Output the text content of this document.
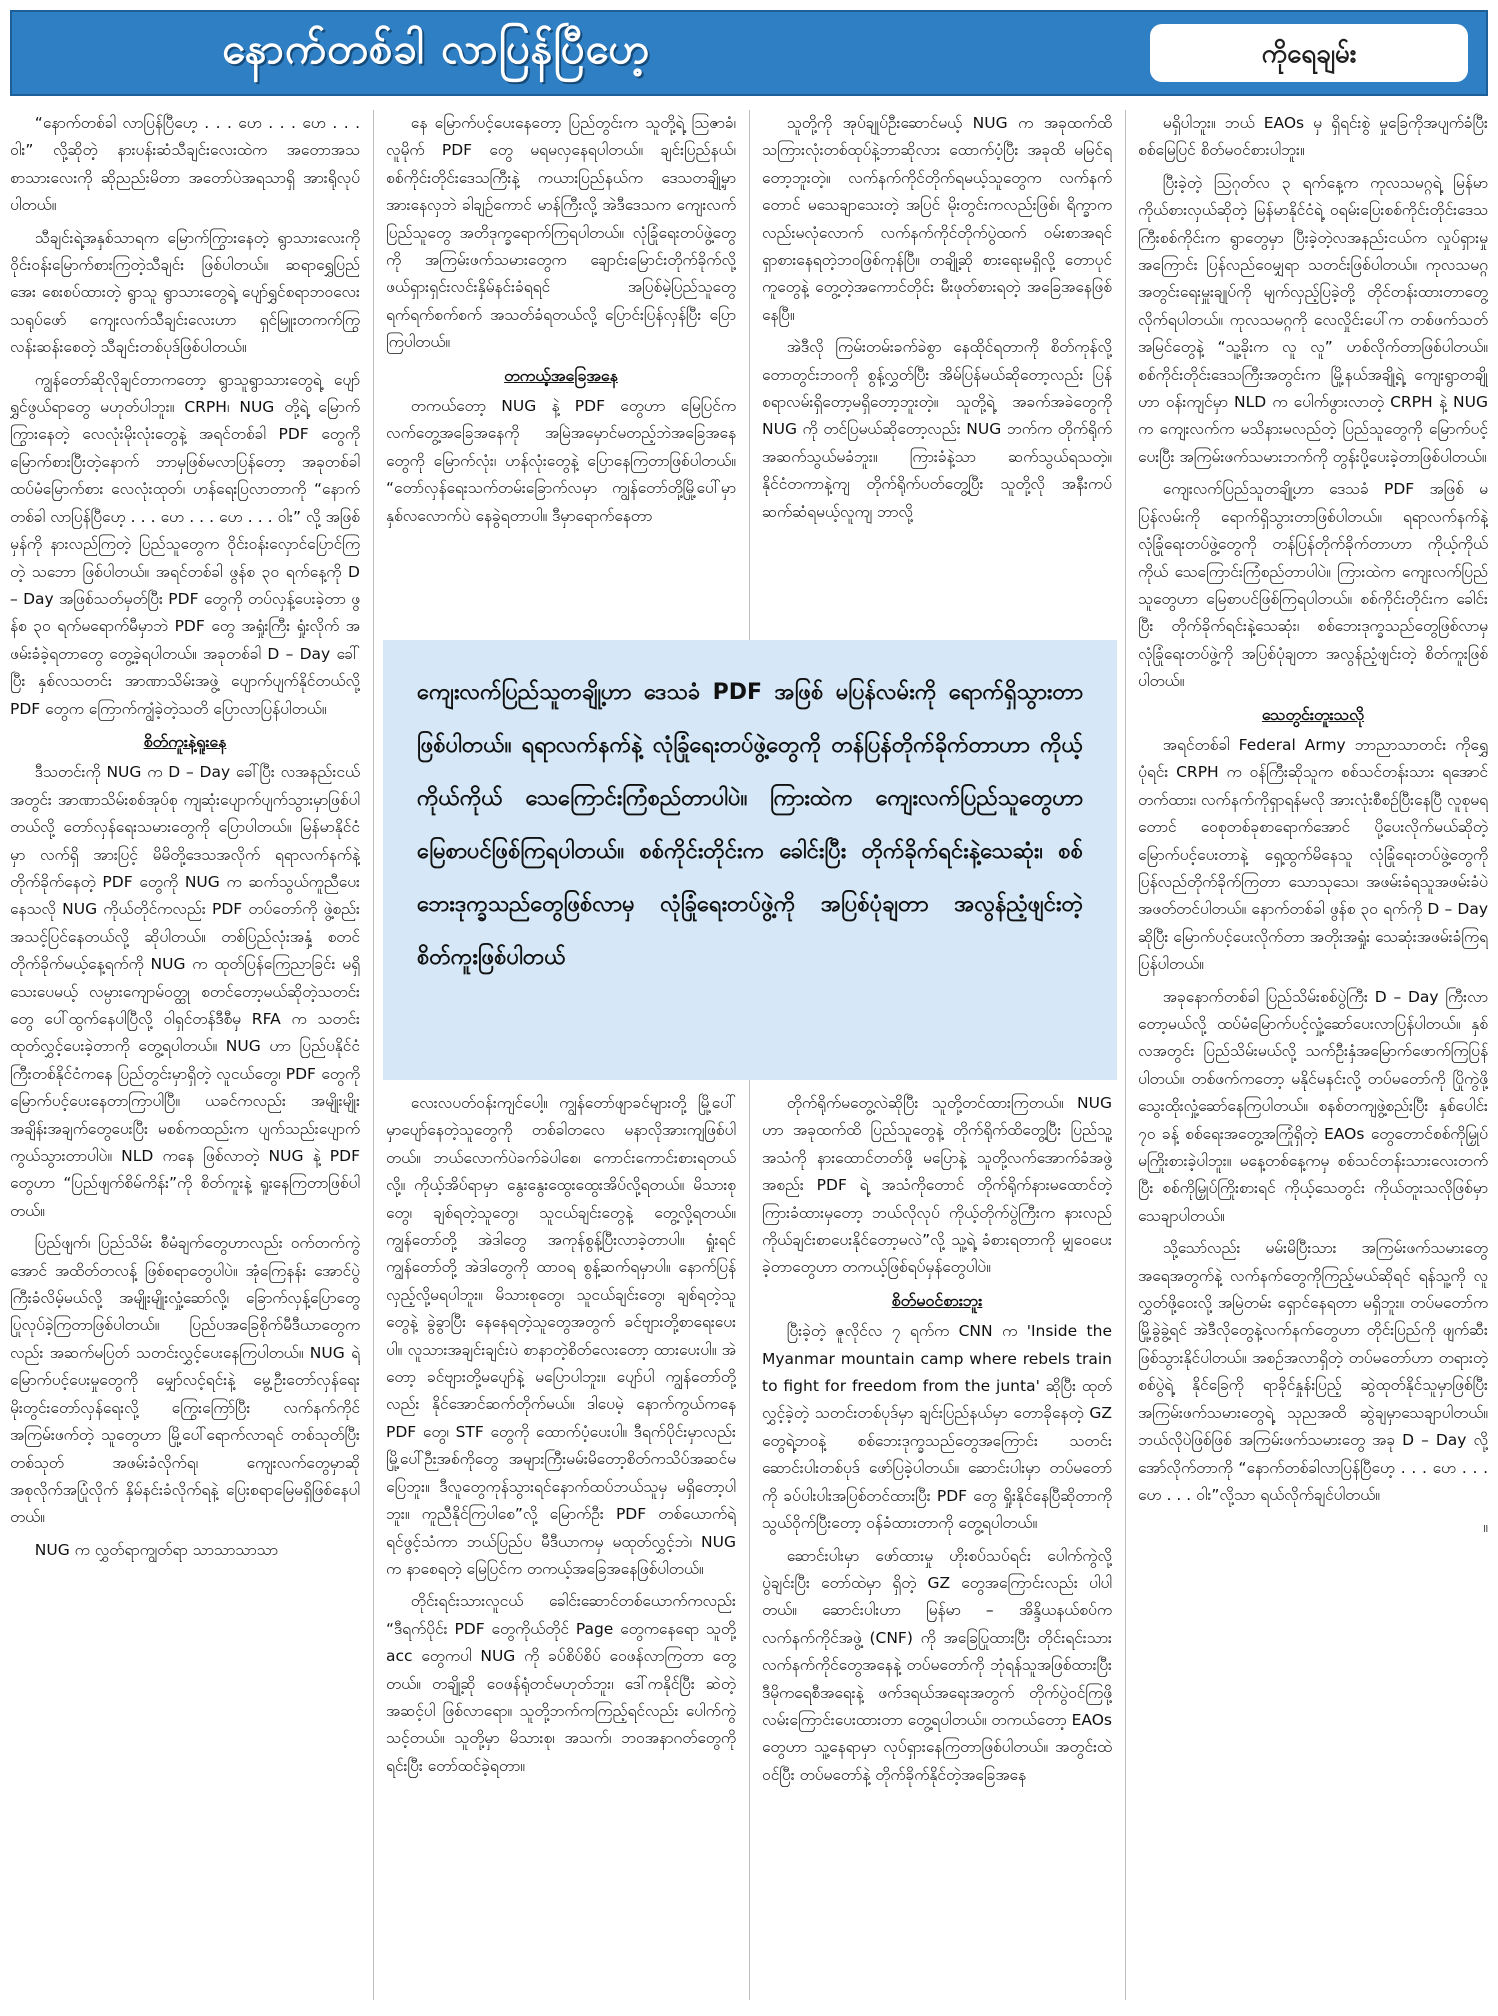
နောက်တစ်ခါ လာပြန်ပြီဟေ့	ကိုရေချမ်း

“နောက်တစ်ခါ လာပြန်ပြီဟေ့ . . . ဟေ . . . ဟေ . . . ဝါး” လို့ဆိုတဲ့ နားပန်းဆံသီချင်းလေးထဲက အတောအသ စာသားလေးကို ဆိုညည်းမိတာ အတော်ပဲအရသာရှိ အားရိုလုပ်ပါတယ်။

သီချင်းရဲ့အနှစ်သာရက မြောက်ကြွားနေတဲ့ ရွာသားလေးကို ဝိုင်းဝန်းမြောက်စားကြတဲ့သီချင်း ဖြစ်ပါတယ်။ ဆရာရွှေပြည်အေး စေးစပ်ထားတဲ့ ရွာသူ ရွာသားတွေရဲ့ ပျော်ရွှင်စရာဘဝလေး သရုပ်ဖော် ကျေးလက်သီချင်းလေးဟာ ရှင်မြူးတကက်ကြွလန်းဆန်းစေတဲ့ သီချင်းတစ်ပုဒ်ဖြစ်ပါတယ်။

ကျွန်တော်ဆိုလိုချင်တာကတော့ ရွာသူရွာသားတွေရဲ့ ပျော်ရွှင်ဖွယ်ရာတွေ မဟုတ်ပါဘူး။ CRPH၊ NUG တို့ရဲ့ မြောက်ကြွားနေတဲ့ လေလုံးမိုးလုံးတွေနဲ့ အရင်တစ်ခါ PDF တွေကို မြောက်စားပြီးတဲ့နောက် ဘာမှဖြစ်မလာပြန်တော့ အခုတစ်ခါ ထပ်မံမြောက်စား လေလုံးထုတ်၊ ဟန်ရေးပြလာတာကို “နောက်တစ်ခါ လာပြန်ပြီဟေ့ . . . ဟေ . . . ဟေ . . . ဝါး” လို့ အဖြစ်မှန်ကို နားလည်ကြတဲ့ ပြည်သူတွေက ဝိုင်းဝန်းလှောင်ပြောင်ကြတဲ့ သဘော ဖြစ်ပါတယ်။ အရင်တစ်ခါ ဖွန်စ ၃၀ ရက်နေ့ကို D – Day အဖြစ်သတ်မှတ်ပြီး PDF တွေကို တပ်လှန့်ပေးခဲ့တာ ဖွန်စ ၃၀ ရက်မရောက်မီမှာဘဲ PDF တွေ အရှုံးကြီး ရှုံးလိုက် အဖမ်းခံခဲ့ရတာတွေ တွေ့ခဲ့ရပါတယ်။ အခုတစ်ခါ D – Day ခေါ်ပြီး နှစ်လသတင်း အာဏာသိမ်းအဖွဲ့ ပျောက်ပျက်နိုင်တယ်လို့ PDF တွေက ကြောက်ကျွံခဲ့တဲ့သတိ ပြောလာပြန်ပါတယ်။

စိတ်ကူးနဲ့ရူးနေ

ဒီသတင်းကို NUG က D – Day ခေါ်ပြီး လအနည်းငယ်အတွင်း အာဏာသိမ်းစစ်အုပ်စု ကျဆုံးပျောက်ပျက်သွားမှာဖြစ်ပါတယ်လို့ တော်လှန်ရေးသမားတွေကို ပြောပါတယ်။ မြန်မာနိုင်ငံမှာ လက်ရှိ အားပြင့် မိမိတို့ဒေသအလိုက် ရရာလက်နက်နဲ့ တိုက်ခိုက်နေတဲ့ PDF တွေကို NUG က ဆက်သွယ်ကူညီပေးနေသလို NUG ကိုယ်တိုင်ကလည်း PDF တပ်တော်ကို ဖွဲ့စည်းအသင့်ပြင်နေတယ်လို့ ဆိုပါတယ်။ တစ်ပြည်လုံးအနှံ့ စတင်တိုက်ခိုက်မယ့်နေ့ရက်ကို NUG က ထုတ်ပြန်ကြေညာခြင်း မရှိသေးပေမယ့် လမ္ပားကျောမ်ဝတ္ထု စတင်တော့မယ်ဆိုတဲ့သတင်းတွေ ပေါ်ထွက်နေပါပြီလို့ ဝါရှင်တန်ဒီစီမှ RFA က သတင်းထုတ်လွှင့်ပေးခဲ့တာကို တွေ့ရပါတယ်။ NUG ဟာ ပြည်ပနိုင်ငံကြီးတစ်နိုင်ငံကနေ ပြည်တွင်းမှာရှိတဲ့ လူငယ်တွေ၊ PDF တွေကို မြောက်ပင့်ပေးနေတာကြာပါပြီ။ ယခင်ကလည်း အမျိုးမျိုး အချိန်းအချက်တွေပေးပြီး မစစ်ကထည်းက ပျက်သည်းပျောက်ကွယ်သွားတာပါပဲ။ NLD ကနေ ဖြစ်လာတဲ့ NUG နဲ့ PDF တွေဟာ “ပြည်ဖျက်စိမ်ကိန်း”ကို စိတ်ကူးနဲ့ ရူးနေကြတာဖြစ်ပါတယ်။

ပြည်ဖျက်၊ ပြည်သိမ်း စီမံချက်တွေဟာလည်း ဝက်တက်ကွဲအောင် အထိတ်တလန့် ဖြစ်စရာတွေပါပဲ။ အုံကြေနန်း အောင်ပွဲကြီးခံလိမ့်မယ်လို့ အမျိုးမျိုးလှုံ့ဆော်လို့၊ ခြောက်လှန့်ပြောတွေ ပြုလုပ်ခဲ့ကြတာဖြစ်ပါတယ်။ ပြည်ပအခြေစိုက်မီဒီယာတွေကလည်း အဆက်မပြတ် သတင်းလွှင့်ပေးနေကြပါတယ်။ NUG ရဲ့ မြောက်ပင့်ပေးမှုတွေကို မျှော်လင့်ရင်းနဲ့ မွေ့ဦးတော်လှန်ရေး မိုးတွင်းတော်လှန်ရေးလို့ ကြွေးကြော်ပြီး လက်နက်ကိုင်အကြမ်းဖက်တဲ့ သူတွေဟာ မြို့ပေါ်ရောက်လာရင် တစ်သုတ်ပြီး တစ်သုတ် အဖမ်းခံလိုက်ရ၊ ကျေးလက်တွေမှာဆိုအစုလိုက်အပြုံလိုက် နှိမ်နင်းခံလိုက်ရနဲ့ ပြေးစရာမြေမရှိဖြစ်နေပါတယ်။

NUG က လွှတ်ရာကျွတ်ရာ သာသာသာသာ

နေ မြောက်ပင့်ပေးနေတော့ ပြည်တွင်းက သူတို့ရဲ့ ဩဇာခံ၊ လူမိုက် PDF တွေ မရမလှနေရပါတယ်။ ချင်းပြည်နယ်၊ စစ်ကိုင်းတိုင်းဒေသကြီးနဲ့ ကယားပြည်နယ်က ဒေသတချို့မှာ အားနေလှဘဲ ခါချဉ်ကောင် မာန်ကြီးလို့ အဲဒီဒေသက ကျေးလက်ပြည်သူတွေ အတိဒုက္ခရောက်ကြရပါတယ်။ လုံခြုံရေးတပ်ဖွဲ့တွေကို အကြမ်းဖက်သမားတွေက ချောင်းမြောင်းတိုက်ခိုက်လို့ ဖယ်ရှားရှင်းလင်းနှိမ်နင်းခံရရင် အပြစ်မဲ့ပြည်သူတွေ ရက်ရက်စက်စက် အသတ်ခံရတယ်လို့ ပြောင်းပြန်လှန်ပြီး ပြောကြပါတယ်။

တကယ့်အခြေအနေ

တကယ်တော့ NUG နဲ့ PDF တွေဟာ မြေပြင်က လက်တွေ့အခြေအနေကို အမြဲအမှောင်မတည့်ဘဲအခြေအနေတွေကို မြောက်လုံး၊ ဟန်လုံးတွေနဲ့ ပြောနေကြတာဖြစ်ပါတယ်။ “တော်လှန်ရေးသက်တမ်းခြောက်လမှာ ကျွန်တော်တို့မြို့ပေါ်မှာ နှစ်လလောက်ပဲ နေခွဲရတာပါ။ ဒီမှာရောက်နေတာ

သူတို့ကို အုပ်ချုပ်ဦးဆောင်မယ့် NUG က အခုထက်ထိ သကြားလုံးတစ်ထုပ်နဲ့ဘာဆိုလား ထောက်ပံ့ပြီး အခုထိ မမြင်ရတော့ဘူးတဲ့။ လက်နက်ကိုင်တိုက်ရမယ့်သူတွေက လက်နက်တောင် မသေချာသေးတဲ့ အပြင် မိုးတွင်းကလည်းဖြစ်၊ ရိက္ခာကလည်းမလုံလောက် လက်နက်ကိုင်တိုက်ပွဲထက် ဝမ်းစာအရင်ရှာစားနေရတဲ့ဘဝဖြစ်ကုန်ပြီ။ တချို့ဆို စားရေးမရှိလို့ တောပုင်ကူတွေနဲ့ တွေ့တဲ့အကောင်တိုင်း မီးဖုတ်စားရတဲ့ အခြေအနေဖြစ်နေပြီ။

အဲဒီလို ကြမ်းတမ်းခက်ခဲစွာ နေထိုင်ရတာကို စိတ်ကုန်လို့ တောတွင်းဘဝကို စွန့်လွှတ်ပြီး အိမ်ပြန်မယ်ဆိုတော့လည်း ပြန်စရာလမ်းရှိတော့မရှိတော့ဘူးတဲ့။ သူတို့ရဲ့ အခက်အခဲတွေကို NUG ကို တင်ပြမယ်ဆိုတော့လည်း NUG ဘက်က တိုက်ရိုက်အဆက်သွယ်မခံဘူး။ ကြားခံနဲ့သာ ဆက်သွယ်ရသတဲ့။ နိုင်ငံတကာနဲ့ကျ တိုက်ရိုက်ပတ်တွေ့ပြီး သူတို့လို အနီးကပ်ဆက်ဆံရမယ့်လူကျ ဘာလို့

ကျေးလက်ပြည်သူတချို့ဟာ ဒေသခံ PDF အဖြစ် မပြန်လမ်းကို ရောက်ရှိသွားတာဖြစ်ပါတယ်။ ရရာလက်နက်နဲ့ လုံခြုံရေးတပ်ဖွဲ့တွေကို တန်ပြန်တိုက်ခိုက်တာဟာ ကိုယ့်ကိုယ်ကိုယ် သေကြောင်းကြံစည်တာပါပဲ။ ကြားထဲက ကျေးလက်ပြည်သူတွေဟာ မြေစာပင်ဖြစ်ကြရပါတယ်။ စစ်ကိုင်းတိုင်းက ခေါင်းပြီး တိုက်ခိုက်ရင်းနဲ့သေဆုံး၊ စစ်ဘေးဒုက္ခသည်တွေဖြစ်လာမှ လုံခြုံရေးတပ်ဖွဲ့ကို အပြစ်ပုံချတာ အလွန်ညံ့ဖျင်းတဲ့ စိတ်ကူးဖြစ်ပါတယ်

လေးလပတ်ဝန်းကျင်ပေါ့။ ကျွန်တော်ဖျာခင်များတို့ မြို့ပေါ်မှာပျော်နေတဲ့သူတွေကို တစ်ခါတလေ မနာလိုအားကျဖြစ်ပါတယ်။ ဘယ်လောက်ပဲခက်ခဲပါစေ၊ ကောင်းကောင်းစားရတယ်လို့။ ကိုယ့်အိပ်ရာမှာ နွေးနွေးထွေးထွေးအိပ်လို့ရတယ်။ မိသားစုတွေ၊ ချစ်ရတဲ့သူတွေ၊ သူငယ်ချင်းတွေနဲ့ တွေ့လို့ရတယ်။ ကျွန်တော်တို့ အဲဒါတွေ အကုန်စွန့်ပြီးလာခဲ့တာပါ။ ရှုံးရင် ကျွန်တော်တို့ အဲဒါတွေကို ထာဝရ စွန့်ဆက်ရမှာပါ။ နောက်ပြန်လှည့်လို့မရပါဘူး။ မိသားစုတွေ၊ သူငယ်ချင်းတွေ၊ ချစ်ရတဲ့သူတွေနဲ့ ခွဲခွာပြီး နေနေရတဲ့သူတွေအတွက် ခင်ဗျားတို့စာရေးပေးပါ။ လူသားအချင်းချင်းပဲ စာနာတဲ့စိတ်လေးတော့ ထားပေးပါ။ အဲတော့ ခင်ဗျားတို့မပျော်နဲ့ မပြောပါဘူး။ ပျော်ပါ ကျွန်တော်တို့လည်း နိုင်အောင်ဆက်တိုက်မယ်။ ဒါပေမဲ့ နောက်ကွယ်ကနေ PDF တွေ၊ STF တွေကို ထောက်ပံ့ပေးပါ။ ဒီရက်ပိုင်းမှာလည်း မြို့ပေါ်ဉီးအစ်ကိုတွေ အများကြီးမမ်းမိတော့စိတ်ကသိပ်အဆင်မပြေဘူး။ ဒီလူတွေကုန်သွားရင်နောက်ထပ်ဘယ်သူမှ မရှိတော့ပါဘူး။ ကူညီနိုင်ကြပါစေ”လို့ မြောက်ဦး PDF တစ်ယောက်ရဲ့ ရင်ဖွင့်သံကာ ဘယ်ပြည်ပ မီဒီယာကမှ မထုတ်လွှင့်ဘဲ၊ NUG က နာစေရတဲ့ မြေပြင်က တကယ့်အခြေအနေဖြစ်ပါတယ်။

တိုင်းရင်းသားလူငယ် ခေါင်းဆောင်တစ်ယောက်ကလည်း “ဒီရက်ပိုင်း PDF တွေကိုယ်တိုင် Page တွေကနေရော သူတို့ acc တွေကပါ NUG ကို ခပ်စိပ်စိပ် ဝေဖန်လာကြတာ တွေ့တယ်။ တချို့ဆို ဝေဖန်ရုံတင်မဟုတ်ဘူး၊ ဒေါ်ကနိုင်ပြီး ဆဲတဲ့အဆင့်ပါ ဖြစ်လာရော။ သူတို့ဘက်ကကြည့်ရင်လည်း ပေါက်ကွဲသင့်တယ်။ သူတို့မှာ မိသားစု၊ အသက်၊ ဘဝအနာဂတ်တွေကိုရင်းပြီး တော်ထင်ခဲ့ရတာ။

တိုက်ရိုက်မတွေ့လဲဆိုပြီး သူတို့တင်ထားကြတယ်။ NUG ဟာ အခုထက်ထိ ပြည်သူတွေနဲ့ တိုက်ရိုက်ထိတွေ့ပြီး ပြည်သူ့အသံကို နားထောင်တတ်ဖို့ မပြောနဲ့ သူတို့လက်အောက်ခံအဖွဲ့ အစည်း PDF ရဲ့ အသံကိုတောင် တိုက်ရိုက်နားမထောင်တဲ့ ကြားခံထားမှတော့ ဘယ်လိုလုပ် ကိုယ့်တိုက်ပွဲကြီးက နားလည်ကိုယ်ချင်းစာပေးနိုင်တော့မလဲ”လို့ သူ့ရဲ့ ခံစားရတာကို မျှဝေပေးခဲ့တာတွေဟာ တကယ့်ဖြစ်ရပ်မှန်တွေပါပဲ။

စိတ်မဝင်စားဘူး

ပြီးခဲ့တဲ့ ဇူလိုင်လ ၇ ရက်က CNN က 'Inside the Myanmar mountain camp where rebels train to fight for freedom from the junta' ဆိုပြီး ထုတ်လွှင့်ခဲ့တဲ့ သတင်းတစ်ပုဒ်မှာ ချင်းပြည်နယ်မှာ တောခိုနေတဲ့ GZ တွေရဲ့ဘဝနဲ့ စစ်ဘေးဒုက္ခသည်တွေအကြောင်း သတင်းဆောင်းပါးတစ်ပုဒ် ဖော်ပြခဲ့ပါတယ်။ ဆောင်းပါးမှာ တပ်မတော်ကို ခပ်ပါးပါးအပြစ်တင်ထားပြီး PDF တွေ ရှိုးနိုင်နေပြီဆိုတာကို သွယ်ဝိုက်ပြီးတော့ ဝန်ခံထားတာကို တွေ့ရပါတယ်။

ဆောင်းပါးမှာ ဖော်ထားမှု ဟိုးစပ်သပ်ရင်း ပေါက်ကွဲလို့ ပွဲချင်းပြီး တော်ထဲမှာ ရှိတဲ့ GZ တွေအကြောင်းလည်း ပါပါတယ်။ ဆောင်းပါးဟာ မြန်မာ – အိန္ဒိယနယ်စပ်က လက်နက်ကိုင်အဖွဲ့ (CNF) ကို အခြေပြုထားပြီး တိုင်းရင်းသားလက်နက်ကိုင်တွေအနေနဲ့ တပ်မတော်ကို ဘုံရန်သူအဖြစ်ထားပြီး ဒီမိုကရေစီအရေးနဲ့ ဖက်ဒရယ်အရေးအတွက် တိုက်ပွဲဝင်ကြဖို့ လမ်းကြောင်းပေးထားတာ တွေ့ရပါတယ်။ တကယ်တော့ EAOs တွေဟာ သူ့နေရာမှာ လုပ်ရှားနေကြတာဖြစ်ပါတယ်။ အတွင်းထဲဝင်ပြီး တပ်မတော်နဲ့ တိုက်ခိုက်နိုင်တဲ့အခြေအနေ

မရှိပါဘူး။ ဘယ် EAOs မှ ရှိရင်းစွဲ မှုခြေကိုအပျက်ခံပြီး စစ်မြေပြင် စိတ်မဝင်စားပါဘူး။

ပြီးခဲ့တဲ့ ဩဂုတ်လ ၃ ရက်နေ့က ကုလသမဂ္ဂရဲ့ မြန်မာကိုယ်စားလှယ်ဆိုတဲ့ မြန်မာနိုင်ငံရဲ့ ဝရမ်းပြေးစစ်ကိုင်းတိုင်းဒေသကြီးစစ်ကိုင်းက ရွာတွေမှာ ပြီးခဲ့တဲ့လအနည်းငယ်က လှုပ်ရှားမှုအကြောင်း ပြန်လည်ဝေမျှရာ သတင်းဖြစ်ပါတယ်။ ကုလသမဂ္ဂအတွင်းရေးမှူးချုပ်ကို မျက်လှည့်ပြခဲ့တို့ တိုင်တန်းထားတာတွေ့လိုက်ရပါတယ်။ ကုလသမဂ္ဂကို လေလှိုင်းပေါ်က တစ်ဖက်သတ်အမြင်တွေနဲ့ “သူ့ခိုးက လူ လူ” ဟစ်လိုက်တာဖြစ်ပါတယ်။ စစ်ကိုင်းတိုင်းဒေသကြီးအတွင်းက မြို့နယ်အချို့ရဲ့ ကျေးရွာတချို့ဟာ ဝန်းကျင်မှာ NLD က ပေါက်ဖွားလာတဲ့ CRPH နဲ့ NUG က ကျေးလက်က မသိနားမလည်တဲ့ ပြည်သူတွေကို မြောက်ပင့်ပေးပြီး အကြမ်းဖက်သမားဘက်ကို တွန်းပို့ပေးခဲ့တာဖြစ်ပါတယ်။

ကျေးလက်ပြည်သူတချို့ဟာ ဒေသခံ PDF အဖြစ် မပြန်လမ်းကို ရောက်ရှိသွားတာဖြစ်ပါတယ်။ ရရာလက်နက်နဲ့ လုံခြုံရေးတပ်ဖွဲ့တွေကို တန်ပြန်တိုက်ခိုက်တာဟာ ကိုယ့်ကိုယ်ကိုယ် သေကြောင်းကြံစည်တာပါပဲ။ ကြားထဲက ကျေးလက်ပြည်သူတွေဟာ မြေစာပင်ဖြစ်ကြရပါတယ်။ စစ်ကိုင်းတိုင်းက ခေါင်းပြီး တိုက်ခိုက်ရင်းနဲ့သေဆုံး၊ စစ်ဘေးဒုက္ခသည်တွေဖြစ်လာမှ လုံခြုံရေးတပ်ဖွဲ့ကို အပြစ်ပုံချတာ အလွန်ညံ့ဖျင်းတဲ့ စိတ်ကူးဖြစ်ပါတယ်။

သေတွင်းတူးသလို

အရင်တစ်ခါ Federal Army ဘာညာသာတင်း ကိုရွှေပုံရင်း CRPH က ဝန်ကြီးဆိုသူက စစ်သင်တန်းသား ရအောင်တက်ထား၊ လက်နက်ကိုရှာရန်မလို အားလုံးစီစဉ်ပြီးနေပြီ လူစုမရတောင် ဝေစုတစ်ခုစာရောက်အောင် ပို့ပေးလိုက်မယ်ဆိုတဲ့ မြောက်ပင့်ပေးတာနဲ့ ရှေ့ထွက်မိနေသူ လုံခြုံရေးတပ်ဖွဲ့တွေကို ပြန်လည်တိုက်ခိုက်ကြတာ သောသုသေ၊ အဖမ်းခံရသူအဖမ်းခံပဲ အဖတ်တင်ပါတယ်။ နောက်တစ်ခါ ဖွန်စ ၃၀ ရက်ကို D – Day ဆိုပြီး မြောက်ပင့်ပေးလိုက်တာ အတိုးအရှုံး သေဆုံးအဖမ်းခံကြရပြန်ပါတယ်။

အခုနောက်တစ်ခါ ပြည်သိမ်းစစ်ပွဲကြီး D – Day ကြီးလာတော့မယ်လို့ ထပ်မံမြောက်ပင့်လှုံ့ဆော်ပေးလာပြန်ပါတယ်။ နှစ်လအတွင်း ပြည်သိမ်းမယ်လို့ သက်ဦးနှံအမြောက်ဖောက်ကြပြန်ပါတယ်။ တစ်ဖက်ကတော့ မနိုင်မနင်းလို့ တပ်မတော်ကို ပြိုကွဲဖို့ သွေးထိုးလှုံ့ဆော်နေကြပါတယ်။ စနစ်တကျဖွဲ့စည်းပြီး နှစ်ပေါင်း ၇၀ ခန့် စစ်ရေးအတွေ့အကြုံရှိတဲ့ EAOs တွေတောင်စစ်ကိုမြှုပ် မကြိုးစားခဲ့ပါဘူး။ မနေ့တစ်နေ့ကမှ စစ်သင်တန်းသားလေးတက်ပြီး စစ်ကိုမြှုပ်ကြိုးစားရင် ကိုယ့်သေတွင်း ကိုယ်တူးသလိုဖြစ်မှာ သေချာပါတယ်။

သို့သော်လည်း မမ်းမိပြီးသား အကြမ်းဖက်သမားတွေ အရေအတွက်နဲ့ လက်နက်တွေကိုကြည့်မယ်ဆိုရင် ရန်သူ့ကို လူလွှတ်ဖို့ဝေးလို့ အမြဲတမ်း ရှောင်နေရတာ မရှိဘူး။ တပ်မတော်က မြို့ခွဲခွဲ့ရင် အဲဒီလိုတွေနဲ့လက်နက်တွေဟာ တိုင်းပြည်ကို ဖျက်ဆီးဖြစ်သွားနိုင်ပါတယ်။ အစဉ်အလာရှိတဲ့ တပ်မတော်ဟာ တရားတဲ့စစ်ပွဲရဲ့ နိုင်ခြေကို ရာခိုင်နှုန်းပြည့် ဆွဲထုတ်နိုင်သူမှာဖြစ်ပြီး အကြမ်းဖက်သမားတွေရဲ့ သုညအထိ ဆွဲချမှာသေချာပါတယ်။ ဘယ်လိုပဲဖြစ်ဖြစ် အကြမ်းဖက်သမားတွေ အခု D – Day လို့ အော်လိုက်တာကို “နောက်တစ်ခါလာပြန်ပြီဟေ့ . . . ဟေ . . . ဟေ . . . ဝါး”လို့သာ ရယ်လိုက်ချင်ပါတယ်။

။
